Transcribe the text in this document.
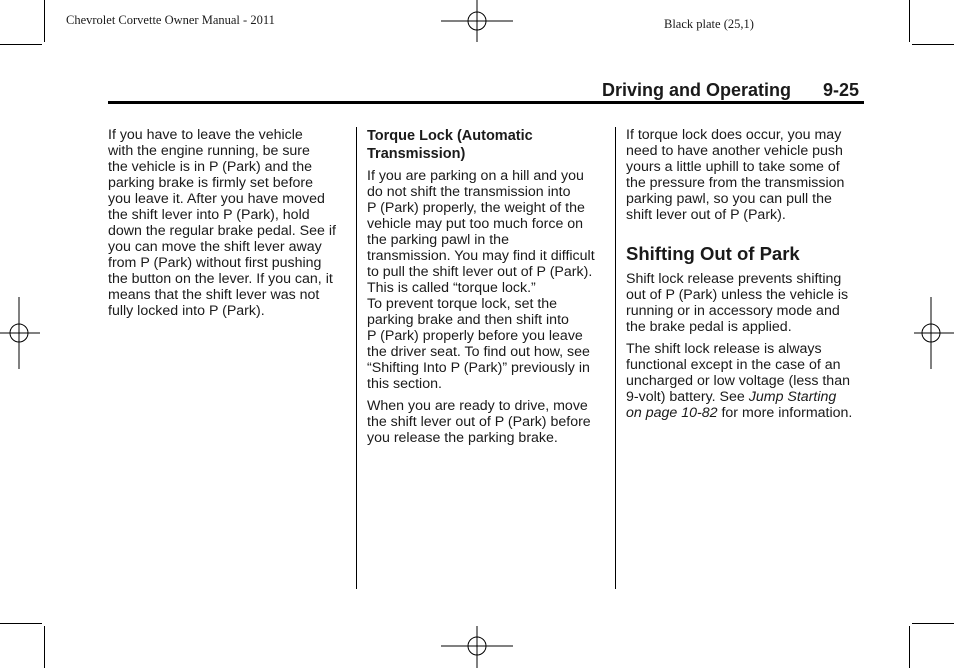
Chevrolet Corvette Owner Manual - 2011	Black plate (25,1)
Driving and Operating 9-25

If you have to leave the vehicle
with the engine running, be sure
the vehicle is in P (Park) and the
parking brake is firmly set before
you leave it. After you have moved
the shift lever into P (Park), hold
down the regular brake pedal. See if
you can move the shift lever away
from P (Park) without first pushing
the button on the lever. If you can, it
means that the shift lever was not
fully locked into P (Park).

Torque Lock (Automatic
Transmission)

If you are parking on a hill and you
do not shift the transmission into
P (Park) properly, the weight of the
vehicle may put too much force on
the parking pawl in the
transmission. You may find it difficult
to pull the shift lever out of P (Park).
This is called “torque lock.”
To prevent torque lock, set the
parking brake and then shift into
P (Park) properly before you leave
the driver seat. To find out how, see
“Shifting Into P (Park)” previously in
this section.

When you are ready to drive, move
the shift lever out of P (Park) before
you release the parking brake.

If torque lock does occur, you may
need to have another vehicle push
yours a little uphill to take some of
the pressure from the transmission
parking pawl, so you can pull the
shift lever out of P (Park).

Shifting Out of Park

Shift lock release prevents shifting
out of P (Park) unless the vehicle is
running or in accessory mode and
the brake pedal is applied.

The shift lock release is always
functional except in the case of an
uncharged or low voltage (less than
9-volt) battery. See Jump Starting
on page 10-82 for more information.
